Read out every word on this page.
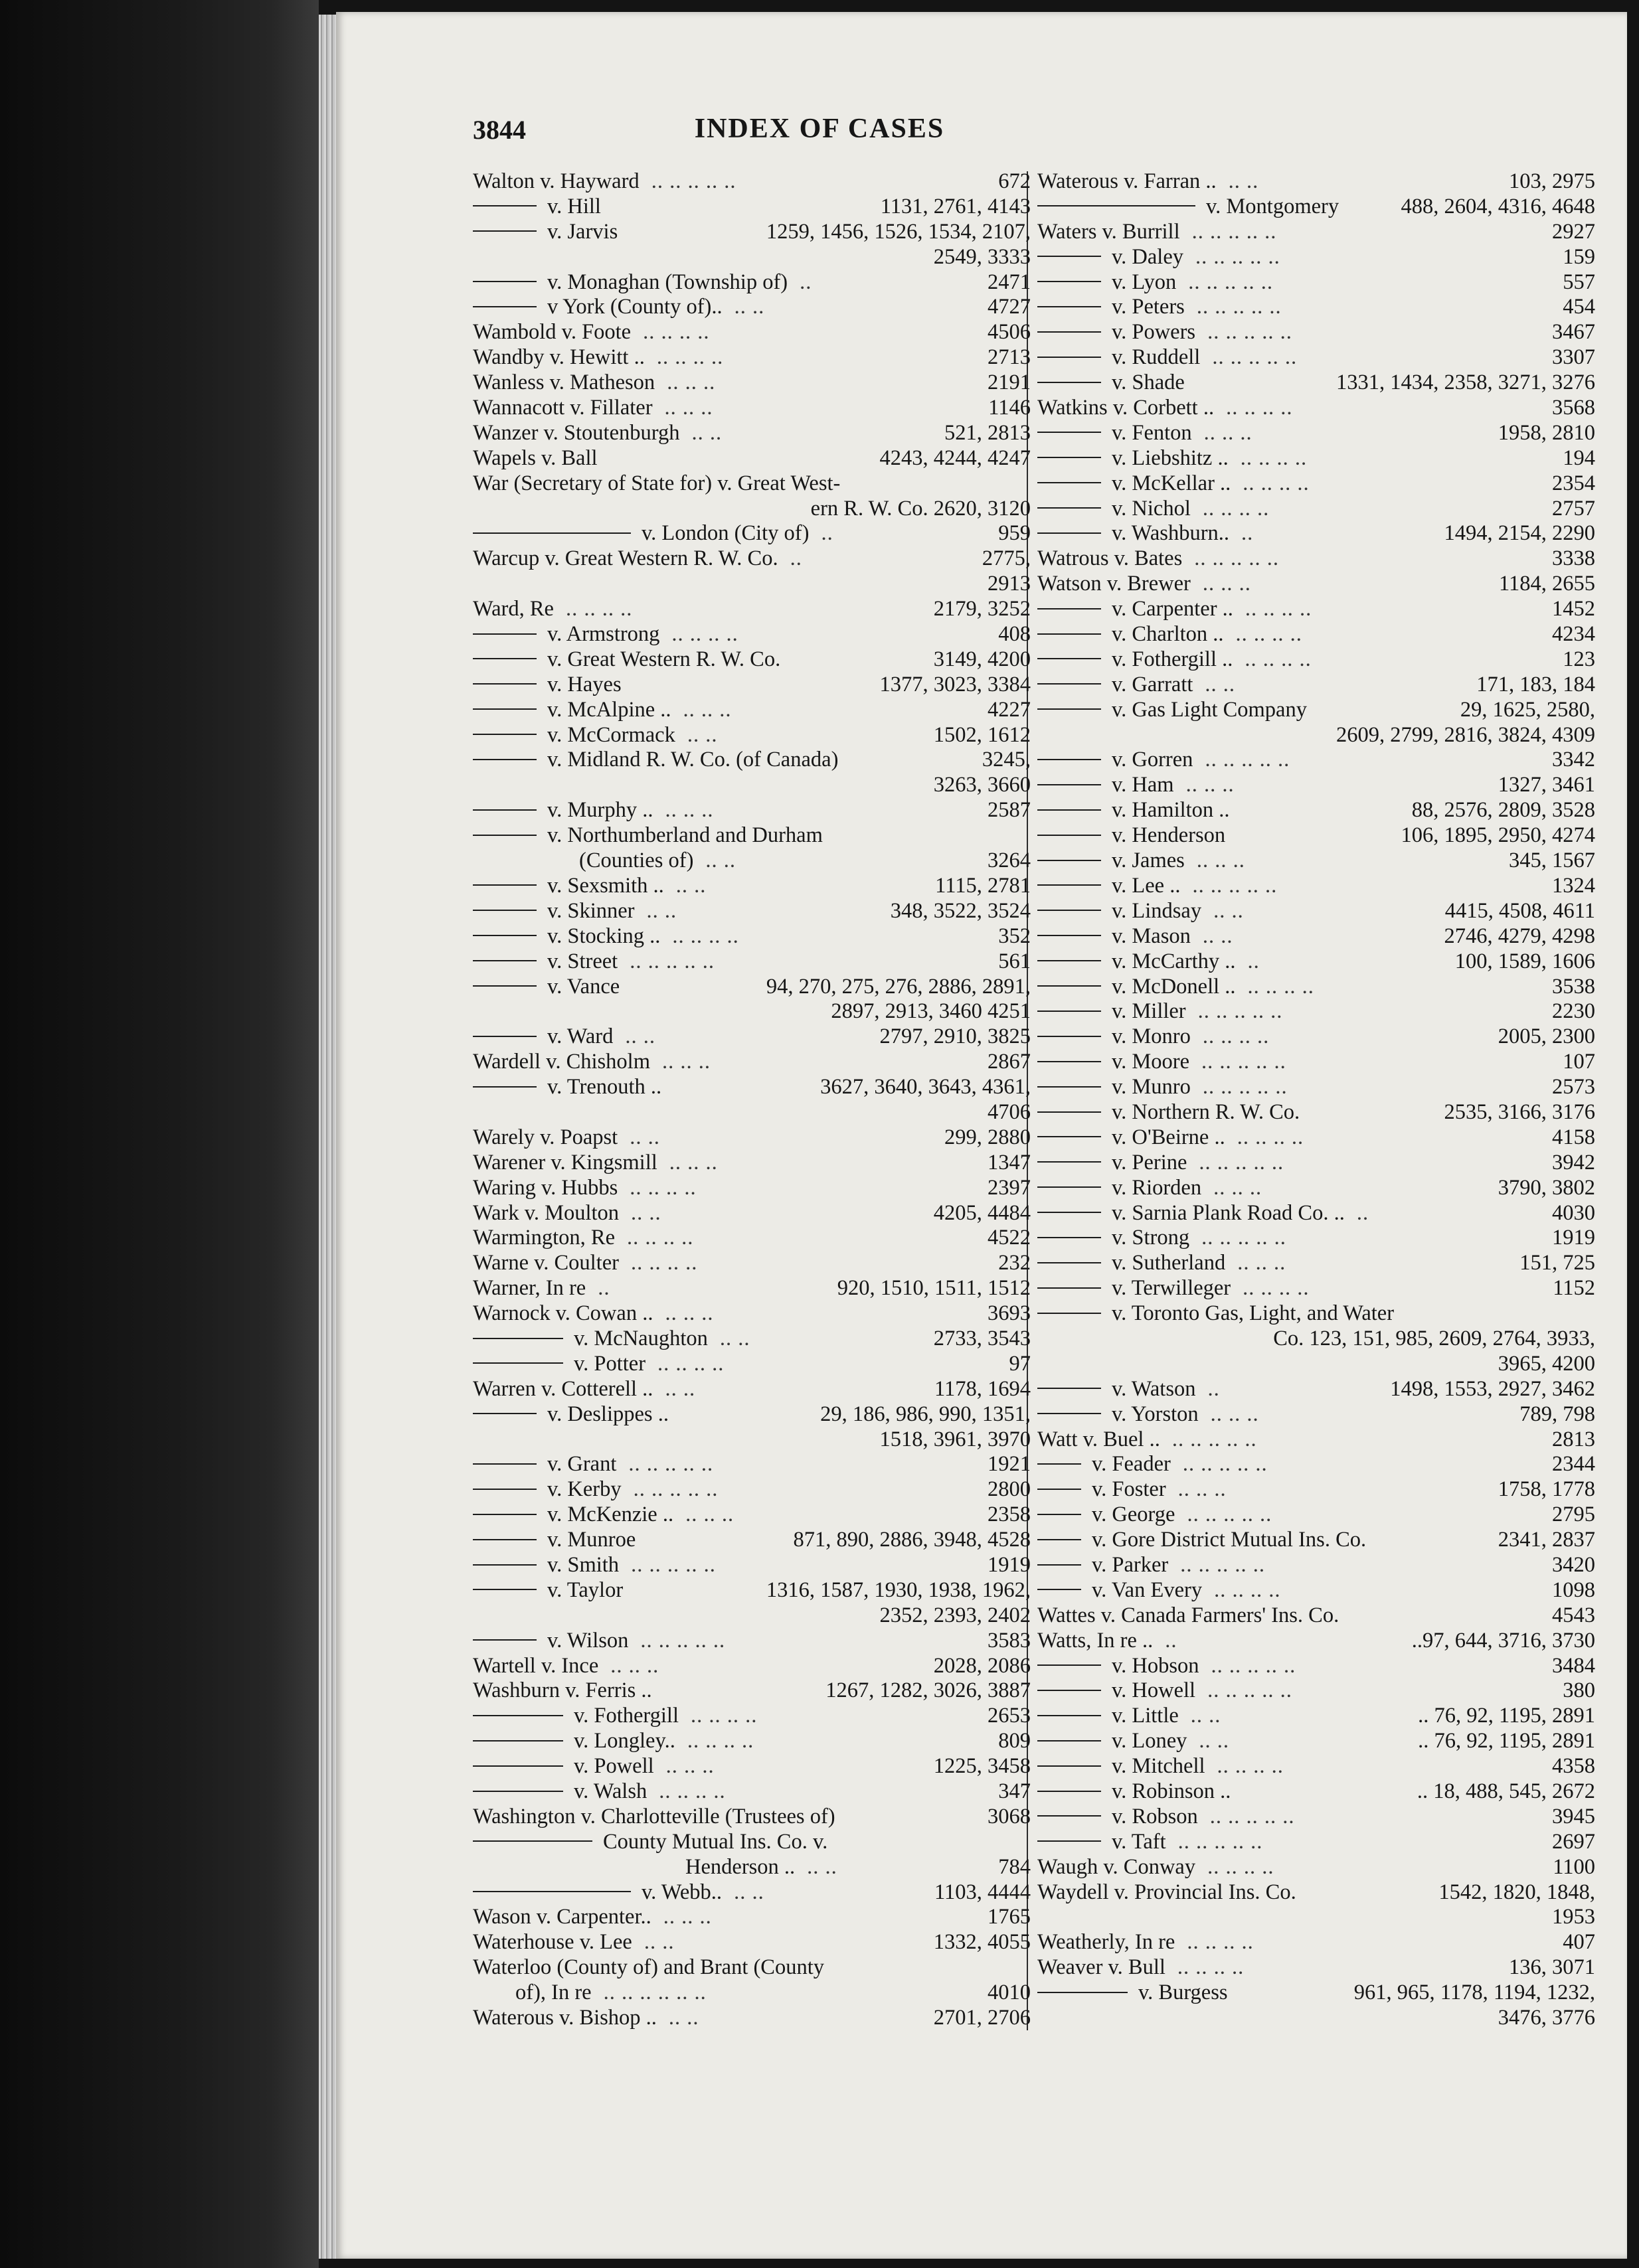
3844	INDEX OF CASES
Walton v. Hayward .. .. .. .. ..	672
v. Hill	1131, 2761, 4143
v. Jarvis	1259, 1456, 1526, 1534, 2107,
2549, 3333
v. Monaghan (Township of) ..	2471
v York (County of).. .. ..	4727
Wambold v. Foote .. .. .. ..	4506
Wandby v. Hewitt .. .. .. .. ..	2713
Wanless v. Matheson .. .. ..	2191
Wannacott v. Fillater .. .. ..	1146
Wanzer v. Stoutenburgh .. ..	521, 2813
Wapels v. Ball	4243, 4244, 4247
War (Secretary of State for) v. Great West-
ern R. W. Co. 2620, 3120
v. London (City of) ..	959
Warcup v. Great Western R. W. Co. ..	2775,
2913
Ward, Re .. .. .. ..	2179, 3252
v. Armstrong .. .. .. ..	408
v. Great Western R. W. Co.	3149, 4200
v. Hayes	1377, 3023, 3384
v. McAlpine .. .. .. ..	4227
v. McCormack .. ..	1502, 1612
v. Midland R. W. Co. (of Canada)	3245,
3263, 3660
v. Murphy .. .. .. ..	2587
v. Northumberland and Durham
(Counties of) .. ..	3264
v. Sexsmith .. .. ..	1115, 2781
v. Skinner .. ..	348, 3522, 3524
v. Stocking .. .. .. .. ..	352
v. Street .. .. .. .. ..	561
v. Vance	94, 270, 275, 276, 2886, 2891,
2897, 2913, 3460 4251
v. Ward .. ..	2797, 2910, 3825
Wardell v. Chisholm .. .. ..	2867
v. Trenouth ..	3627, 3640, 3643, 4361,
4706
Warely v. Poapst .. ..	299, 2880
Warener v. Kingsmill .. .. ..	1347
Waring v. Hubbs .. .. .. ..	2397
Wark v. Moulton .. ..	4205, 4484
Warmington, Re .. .. .. ..	4522
Warne v. Coulter .. .. .. ..	232
Warner, In re ..	920, 1510, 1511, 1512
Warnock v. Cowan .. .. .. ..	3693
v. McNaughton .. ..	2733, 3543
v. Potter .. .. .. ..	97
Warren v. Cotterell .. .. ..	1178, 1694
v. Deslippes ..	29, 186, 986, 990, 1351,
1518, 3961, 3970
v. Grant .. .. .. .. ..	1921
v. Kerby .. .. .. .. ..	2800
v. McKenzie .. .. .. ..	2358
v. Munroe	871, 890, 2886, 3948, 4528
v. Smith .. .. .. .. ..	1919
v. Taylor	1316, 1587, 1930, 1938, 1962,
2352, 2393, 2402
v. Wilson .. .. .. .. ..	3583
Wartell v. Ince .. .. ..	2028, 2086
Washburn v. Ferris ..	1267, 1282, 3026, 3887
v. Fothergill .. .. .. ..	2653
v. Longley.. .. .. .. ..	809
v. Powell .. .. ..	1225, 3458
v. Walsh .. .. .. ..	347
Washington v. Charlotteville (Trustees of)	3068
County Mutual Ins. Co. v.
Henderson .. .. ..	784
v. Webb.. .. ..	1103, 4444
Wason v. Carpenter.. .. .. ..	1765
Waterhouse v. Lee .. ..	1332, 4055
Waterloo (County of) and Brant (County
of), In re .. .. .. .. .. ..	4010
Waterous v. Bishop .. .. ..	2701, 2706
Waterous v. Farran .. .. ..	103, 2975
v. Montgomery	488, 2604, 4316, 4648
Waters v. Burrill .. .. .. .. ..	2927
v. Daley .. .. .. .. ..	159
v. Lyon .. .. .. .. ..	557
v. Peters .. .. .. .. ..	454
v. Powers .. .. .. .. ..	3467
v. Ruddell .. .. .. .. ..	3307
v. Shade	1331, 1434, 2358, 3271, 3276
Watkins v. Corbett .. .. .. .. ..	3568
v. Fenton .. .. ..	1958, 2810
v. Liebshitz .. .. .. .. ..	194
v. McKellar .. .. .. .. ..	2354
v. Nichol .. .. .. ..	2757
v. Washburn.. ..	1494, 2154, 2290
Watrous v. Bates .. .. .. .. ..	3338
Watson v. Brewer .. .. ..	1184, 2655
v. Carpenter .. .. .. .. ..	1452
v. Charlton .. .. .. .. ..	4234
v. Fothergill .. .. .. .. ..	123
v. Garratt .. ..	171, 183, 184
v. Gas Light Company	29, 1625, 2580,
2609, 2799, 2816, 3824, 4309
v. Gorren .. .. .. .. ..	3342
v. Ham .. .. ..	1327, 3461
v. Hamilton ..	88, 2576, 2809, 3528
v. Henderson	106, 1895, 2950, 4274
v. James .. .. ..	345, 1567
v. Lee .. .. .. .. .. ..	1324
v. Lindsay .. ..	4415, 4508, 4611
v. Mason .. ..	2746, 4279, 4298
v. McCarthy .. ..	100, 1589, 1606
v. McDonell .. .. .. .. ..	3538
v. Miller .. .. .. .. ..	2230
v. Monro .. .. .. ..	2005, 2300
v. Moore .. .. .. .. ..	107
v. Munro .. .. .. .. ..	2573
v. Northern R. W. Co.	2535, 3166, 3176
v. O'Beirne .. .. .. .. ..	4158
v. Perine .. .. .. .. ..	3942
v. Riorden .. .. ..	3790, 3802
v. Sarnia Plank Road Co. .. ..	4030
v. Strong .. .. .. .. ..	1919
v. Sutherland .. .. ..	151, 725
v. Terwilleger .. .. .. ..	1152
v. Toronto Gas, Light, and Water
Co. 123, 151, 985, 2609, 2764, 3933,
3965, 4200
v. Watson ..	1498, 1553, 2927, 3462
v. Yorston .. .. ..	789, 798
Watt v. Buel .. .. .. .. .. ..	2813
v. Feader .. .. .. .. ..	2344
v. Foster .. .. ..	1758, 1778
v. George .. .. .. .. ..	2795
v. Gore District Mutual Ins. Co.	2341, 2837
v. Parker .. .. .. .. ..	3420
v. Van Every .. .. .. ..	1098
Wattes v. Canada Farmers' Ins. Co.	4543
Watts, In re .. ..	..97, 644, 3716, 3730
v. Hobson .. .. .. .. ..	3484
v. Howell .. .. .. .. ..	380
v. Little .. ..	.. 76, 92, 1195, 2891
v. Loney .. ..	.. 76, 92, 1195, 2891
v. Mitchell .. .. .. ..	4358
v. Robinson ..	.. 18, 488, 545, 2672
v. Robson .. .. .. .. ..	3945
v. Taft .. .. .. .. ..	2697
Waugh v. Conway .. .. .. ..	1100
Waydell v. Provincial Ins. Co.	1542, 1820, 1848,
1953
Weatherly, In re .. .. .. ..	407
Weaver v. Bull .. .. .. ..	136, 3071
v. Burgess	961, 965, 1178, 1194, 1232,
3476, 3776
